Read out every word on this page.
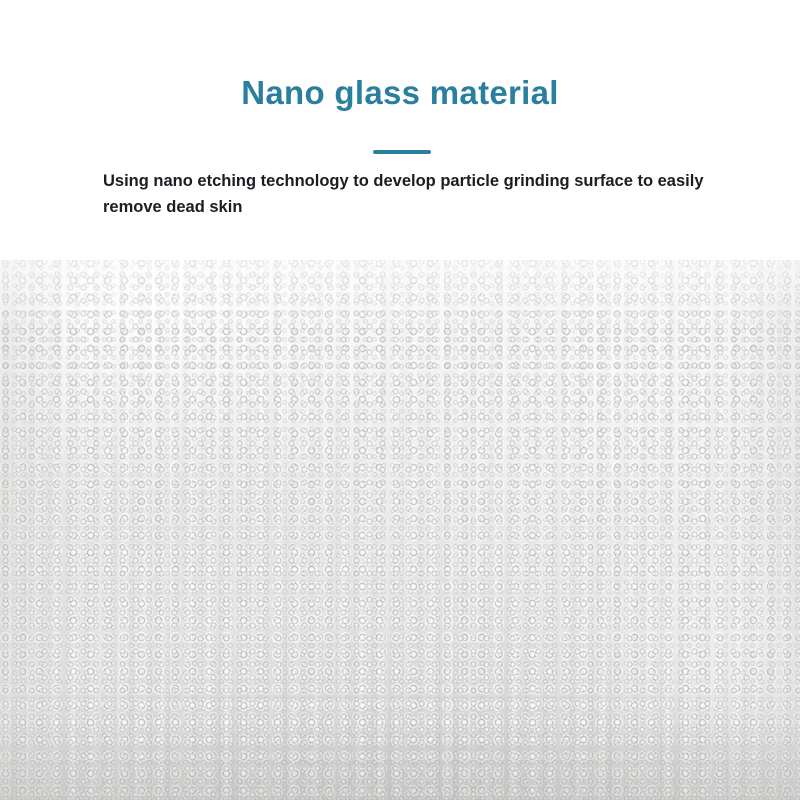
Nano glass material
Using nano etching technology to develop particle grinding surface to easily remove dead skin
